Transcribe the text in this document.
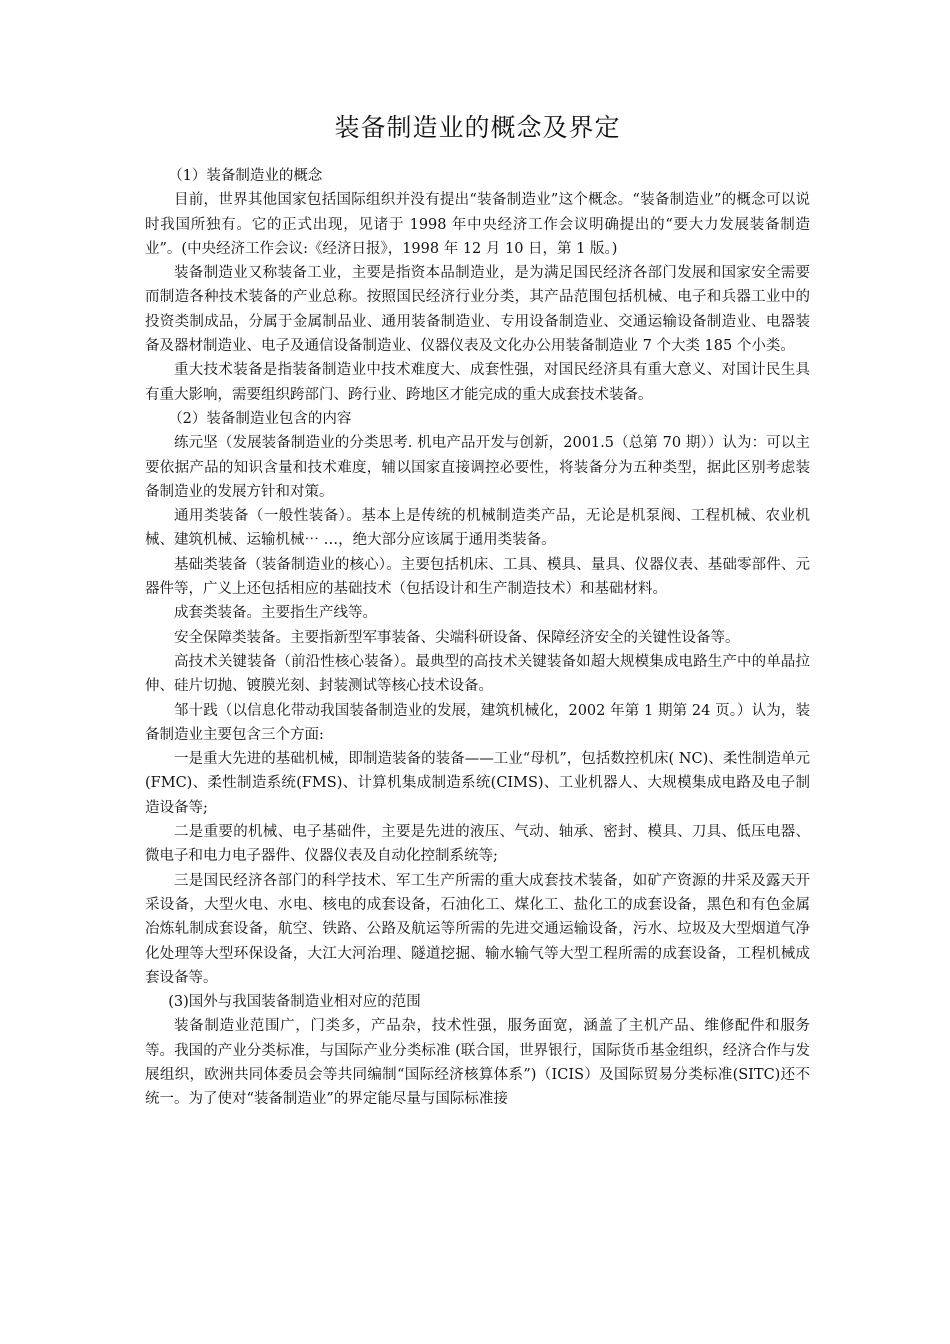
装备制造业的概念及界定
（1）装备制造业的概念

目前，世界其他国家包括国际组织并没有提出“装备制造业”这个概念。“装备制造业”的概念可以说时我国所独有。它的正式出现，见诸于 1998 年中央经济工作会议明确提出的“要大力发展装备制造业”。(中央经济工作会议:《经济日报》，1998 年 12 月 10 日，第 1 版。)

装备制造业又称装备工业，主要是指资本品制造业，是为满足国民经济各部门发展和国家安全需要而制造各种技术装备的产业总称。按照国民经济行业分类，其产品范围包括机械、电子和兵器工业中的投资类制成品，分属于金属制品业、通用装备制造业、专用设备制造业、交通运输设备制造业、电器装备及器材制造业、电子及通信设备制造业、仪器仪表及文化办公用装备制造业 7 个大类 185 个小类。

重大技术装备是指装备制造业中技术难度大、成套性强，对国民经济具有重大意义、对国计民生具有重大影响，需要组织跨部门、跨行业、跨地区才能完成的重大成套技术装备。

（2）装备制造业包含的内容

练元坚（发展装备制造业的分类思考. 机电产品开发与创新，2001.5（总第 70 期））认为：可以主要依据产品的知识含量和技术难度，辅以国家直接调控必要性，将装备分为五种类型，据此区别考虑装备制造业的发展方针和对策。

通用类装备（一般性装备）。基本上是传统的机械制造类产品，无论是机泵阀、工程机械、农业机械、建筑机械、运输机械⋯ …，绝大部分应该属于通用类装备。

基础类装备（装备制造业的核心）。主要包括机床、工具、模具、量具、仪器仪表、基础零部件、元器件等，广义上还包括相应的基础技术（包括设计和生产制造技术）和基础材料。

成套类装备。主要指生产线等。

安全保障类装备。主要指新型军事装备、尖端科研设备、保障经济安全的关键性设备等。

高技术关键装备（前沿性核心装备）。最典型的高技术关键装备如超大规模集成电路生产中的单晶拉伸、硅片切抛、镀膜光刻、封装测试等核心技术设备。

邹十践（以信息化带动我国装备制造业的发展，建筑机械化，2002 年第 1 期第 24 页。）认为，装备制造业主要包含三个方面:

一是重大先进的基础机械，即制造装备的装备——工业“母机”，包括数控机床( NC)、柔性制造单元(FMC)、柔性制造系统(FMS)、计算机集成制造系统(CIMS)、工业机器人、大规模集成电路及电子制造设备等;

二是重要的机械、电子基础件，主要是先进的液压、气动、轴承、密封、模具、刀具、低压电器、微电子和电力电子器件、仪器仪表及自动化控制系统等;

三是国民经济各部门的科学技术、军工生产所需的重大成套技术装备，如矿产资源的井采及露天开采设备，大型火电、水电、核电的成套设备，石油化工、煤化工、盐化工的成套设备，黑色和有色金属冶炼轧制成套设备，航空、铁路、公路及航运等所需的先进交通运输设备，污水、垃圾及大型烟道气净化处理等大型环保设备，大江大河治理、隧道挖掘、输水输气等大型工程所需的成套设备，工程机械成套设备等。

(3)国外与我国装备制造业相对应的范围

装备制造业范围广，门类多，产品杂，技术性强，服务面宽，涵盖了主机产品、维修配件和服务等。我国的产业分类标准，与国际产业分类标准 (联合国，世界银行，国际货币基金组织，经济合作与发展组织，欧洲共同体委员会等共同编制“国际经济核算体系”)（ICIS）及国际贸易分类标准(SITC)还不统一。为了使对“装备制造业”的界定能尽量与国际标准接
